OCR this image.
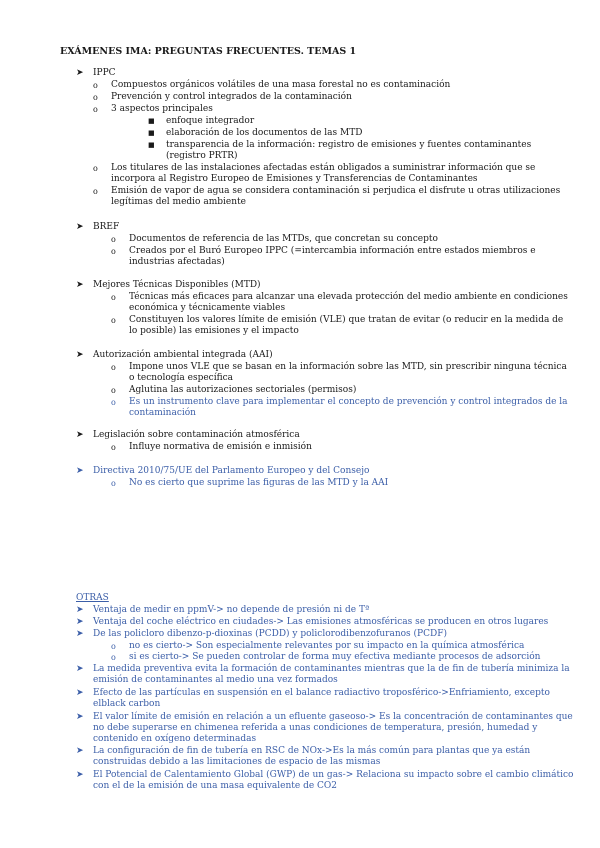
EXÁMENES IMA: PREGUNTAS FRECUENTES. TEMAS 1
➤ IPPC
o Compuestos orgánicos volátiles de una masa forestal no es contaminación
o Prevención y control integrados de la contaminación
o 3 aspectos principales
■ enfoque integrador
■ elaboración de los documentos de las MTD
■ transparencia de la información: registro de emisiones y fuentes contaminantes
(registro PRTR)
o Los titulares de las instalaciones afectadas están obligados a suministrar información que se
incorpora al Registro Europeo de Emisiones y Transferencias de Contaminantes
o Emisión de vapor de agua se considera contaminación si perjudica el disfrute u otras utilizaciones
legítimas del medio ambiente
➤ BREF
o Documentos de referencia de las MTDs, que concretan su concepto
o Creados por el Buró Europeo IPPC (=intercambia información entre estados miembros e
industrias afectadas)
➤ Mejores Técnicas Disponibles (MTD)
o Técnicas más eficaces para alcanzar una elevada protección del medio ambiente en condiciones
económica y técnicamente viables
o Constituyen los valores límite de emisión (VLE) que tratan de evitar (o reducir en la medida de
lo posible) las emisiones y el impacto
➤ Autorización ambiental integrada (AAI)
o Impone unos VLE que se basan en la información sobre las MTD, sin prescribir ninguna técnica
o tecnología específica
o Aglutina las autorizaciones sectoriales (permisos)
o Es un instrumento clave para implementar el concepto de prevención y control integrados de la
contaminación
➤ Legislación sobre contaminación atmosférica
o Influye normativa de emisión e inmisión
➤ Directiva 2010/75/UE del Parlamento Europeo y del Consejo
o No es cierto que suprime las figuras de las MTD y la AAI
OTRAS
➤ Ventaja de medir en ppmV-> no depende de presión ni de Tª
➤ Ventaja del coche eléctrico en ciudades-> Las emisiones atmosféricas se producen en otros lugares
➤ De las policloro dibenzo-p-dioxinas (PCDD) y policlorodibenzofuranos (PCDF)
o no es cierto-> Son especialmente relevantes por su impacto en la química atmosférica
o si es cierto-> Se pueden controlar de forma muy efectiva mediante procesos de adsorción
➤ La medida preventiva evita la formación de contaminantes mientras que la de fin de tubería minimiza la
emisión de contaminantes al medio una vez formados
➤ Efecto de las partículas en suspensión en el balance radiactivo troposférico->Enfriamiento, excepto
elblack carbon
➤ El valor límite de emisión en relación a un efluente gaseoso-> Es la concentración de contaminantes que
no debe superarse en chimenea referida a unas condiciones de temperatura, presión, humedad y
contenido en oxígeno determinadas
➤ La configuración de fin de tubería en RSC de NOx->Es la más común para plantas que ya están
construidas debido a las limitaciones de espacio de las mismas
➤ El Potencial de Calentamiento Global (GWP) de un gas-> Relaciona su impacto sobre el cambio climático
con el de la emisión de una masa equivalente de CO2
